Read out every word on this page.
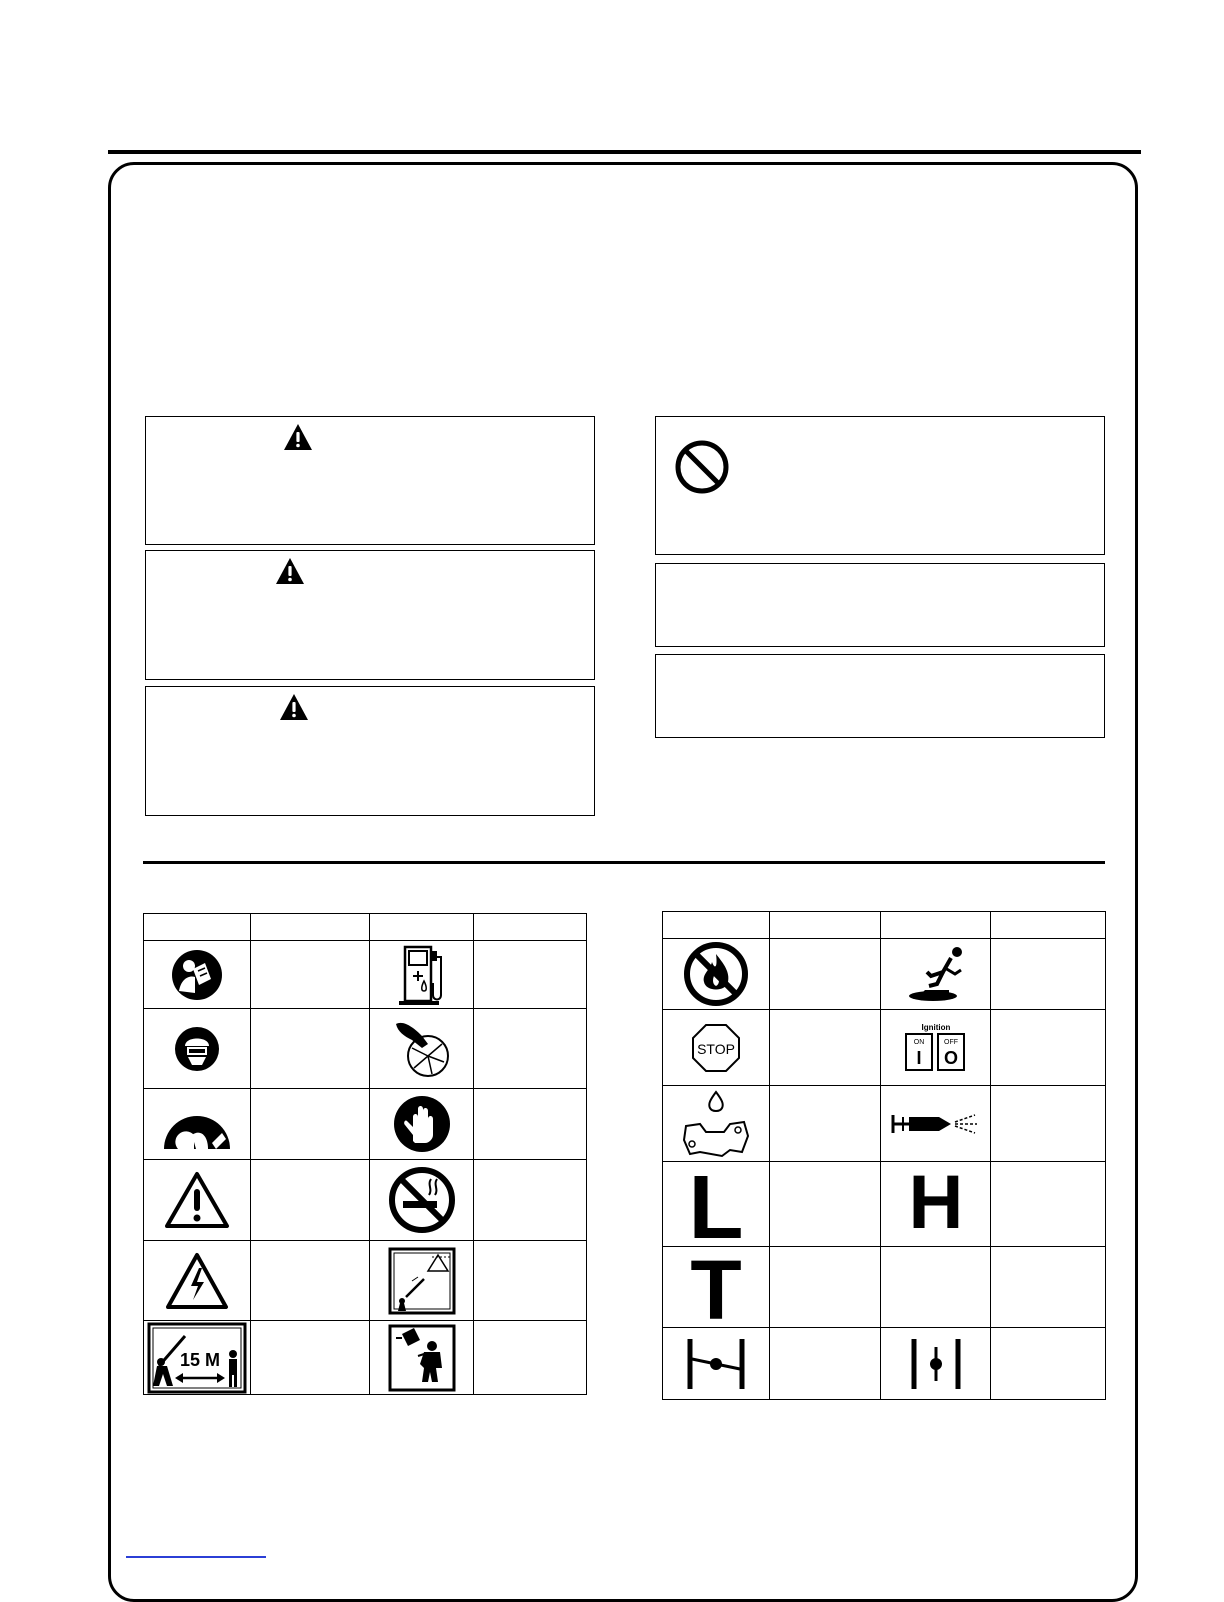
15 M

STOP		Ignition
ON OFF
I O	

L		H	

T			
